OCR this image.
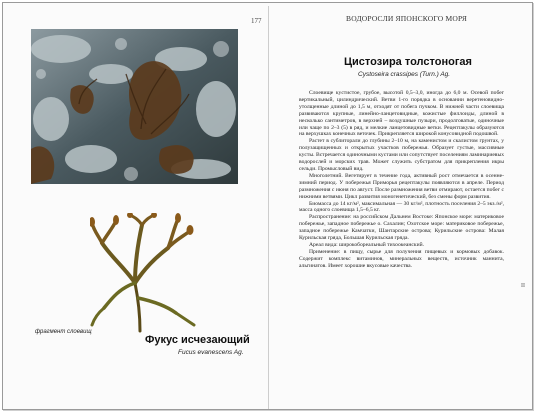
177	ВОДОРОСЛИ ЯПОНСКОГО МОРЯ
фрагмент слоевищ
Фукус исчезающий
Fucus evanescens Ag.
Цистозира толстоногая
Cystoseira crassipes (Turn.) Ag.

Слоевище кустистое, грубое, высотой 0,5–3,0, иногда до 6,0 м. Осевой побег вертикальный, цилиндрический. Ветви 1-го порядка в основании веретеновидно-утолщенные длиной до 1,5 м, отходят от побега пучком. В нижней части слоевища развиваются крупные, линейно-ланцетовидные, кожистые филлоиды, длиной в несколько сантиметров, в верхней – воздушные пузыри, продолговатые, одиночные или чаще по 2–3 (5) в ряд, и мелкие ланцетовидные ветки. Рецептакулы образуются на верхушках конечных веточек. Прикрепляется широкой конусовидной подошвой.

Растет в сублиторали до глубины 2–10 м, на каменистом и скалистом грунтах, у полузащищенных и открытых участков побережья. Образует густые, массивные кусты. Встречается одиночными кустами или сопутствует поселениям ламинариевых водорослей и морских трав. Может служить субстратом для прикрепления икры сельди. Промысловый вид.

Многолетний. Вегетирует в течение года, активный рост отмечается в осенне-зимний период. У побережья Приморья рецептакулы появляются в апреле. Период размножения с июня по август. После размножения ветви отмирают, остается побег с нижними ветвями. Цикл развития моногенетический, без смены форм развития.

Биомасса до 14 кг/м², максимальная — 30 кг/м², плотность поселения 2–5 экз./м², масса одного слоевища 1,5–6,5 кг.

Распространение: на российском Дальнем Востоке: Японское море: материковое побережье, западное побережье о. Сахалин; Охотское море: материковое побережье, западное побережье Камчатки, Шантарские острова; Курильские острова: Малая Курильская гряда, Большая Курильская гряда.

Ареал вида: широкобореальный тихоокеанский.

Применение: в пищу, сырье для получения пищевых и кормовых добавок. Содержит комплекс витаминов, минеральных веществ, источник маннита, альгинатов. Имеет хорошие вкусовые качества.

II
